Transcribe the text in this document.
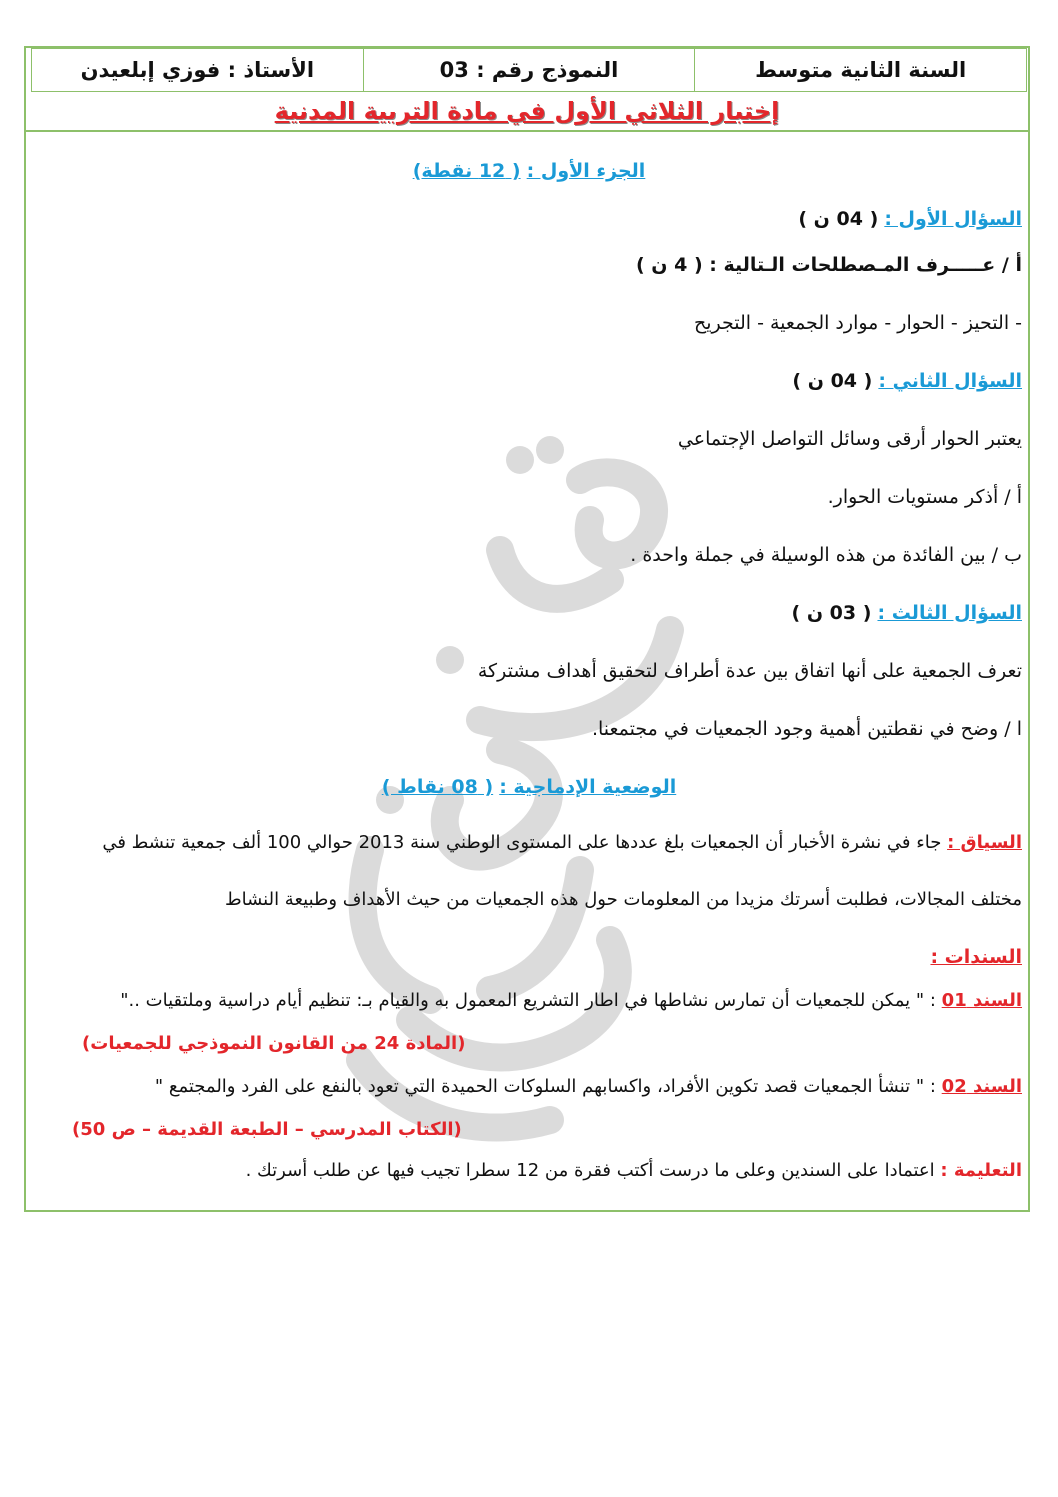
السنة الثانية متوسط
النموذج رقم : 03
الأستاذ : فوزي إبلعيدن
إختبار الثلاثي الأول في مادة التربية المدنية
الجزء الأول : ( 12 نقطة)
السؤال الأول : ( 04 ن )
أ / عـــــرف المـصطلحات الـتالية : ( 4 ن )
- التحيز - الحوار - موارد الجمعية - التجريح
السؤال الثاني : ( 04 ن )
يعتبر الحوار أرقى وسائل التواصل الإجتماعي
أ / أذكر مستويات الحوار.
ب / بين الفائدة من هذه الوسيلة في جملة واحدة .
السؤال الثالث : ( 03 ن )
تعرف الجمعية على أنها اتفاق بين عدة أطراف لتحقيق أهداف مشتركة
ا / وضح في نقطتين أهمية وجود الجمعيات في مجتمعنا.
الوضعية الإدماجية : ( 08 نقاط )
السياق : جاء في نشرة الأخبار أن الجمعيات بلغ عددها على المستوى الوطني سنة 2013 حوالي 100 ألف جمعية تنشط في
مختلف المجالات، فطلبت أسرتك مزيدا من المعلومات حول هذه الجمعيات من حيث الأهداف وطبيعة النشاط
السندات :
السند 01 : " يمكن للجمعيات أن تمارس نشاطها في اطار التشريع المعمول به والقيام بـ: تنظيم أيام دراسية وملتقيات .."
(المادة 24 من القانون النموذجي للجمعيات)
السند 02 : " تنشأ الجمعيات قصد تكوين الأفراد، واكسابهم السلوكات الحميدة التي تعود بالنفع على الفرد والمجتمع "
(الكتاب المدرسي – الطبعة القديمة – ص 50)
التعليمة : اعتمادا على السندين وعلى ما درست أكتب فقرة من 12 سطرا تجيب فيها عن طلب أسرتك .
